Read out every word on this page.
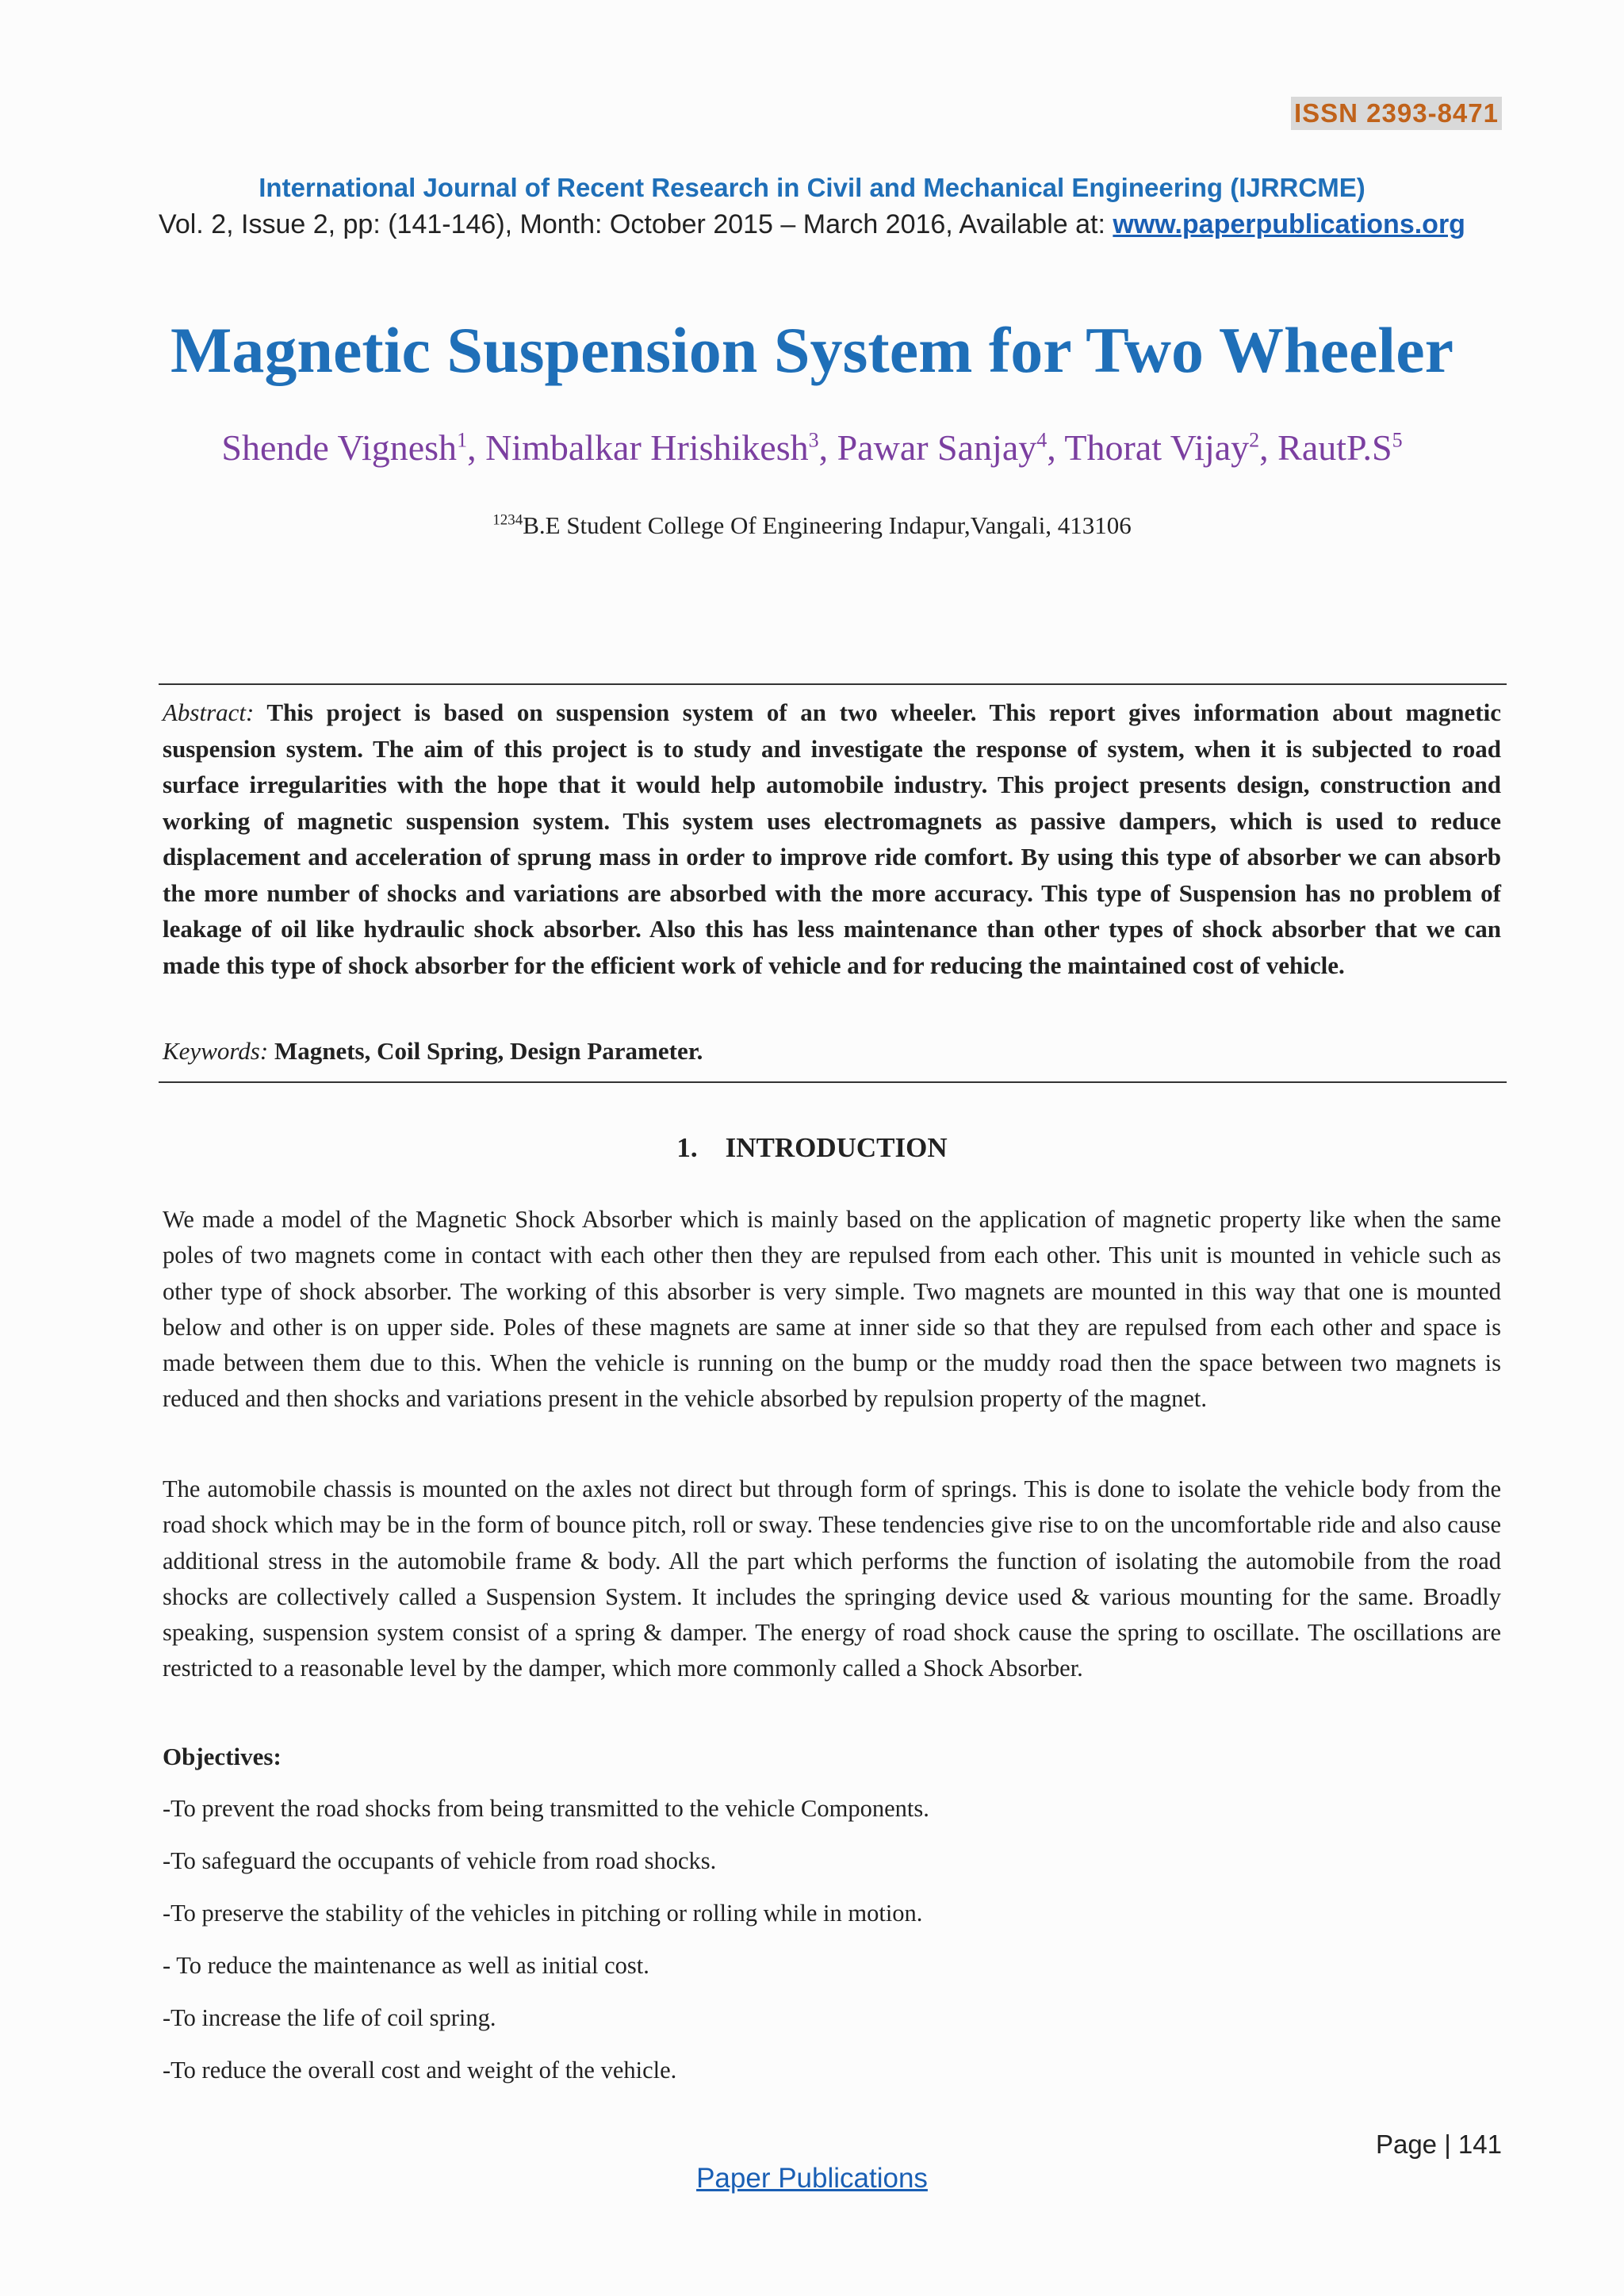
ISSN 2393-8471
International Journal of Recent Research in Civil and Mechanical Engineering (IJRRCME)
Vol. 2, Issue 2, pp: (141-146), Month: October 2015 – March 2016, Available at: www.paperpublications.org
Magnetic Suspension System for Two Wheeler
Shende Vignesh$^1$, Nimbalkar Hrishikesh$^3$, Pawar Sanjay$^4$, Thorat Vijay$^2$, $RautP.S^5$
$^{1234}$B.E Student College Of Engineering Indapur,Vangali, 413106
Abstract: This project is based on suspension system of an two wheeler. This report gives information about magnetic suspension system. The aim of this project is to study and investigate the response of system, when it is subjected to road surface irregularities with the hope that it would help automobile industry. This project presents design, construction and working of magnetic suspension system. This system uses electromagnets as passive dampers, which is used to reduce displacement and acceleration of sprung mass in order to improve ride comfort. By using this type of absorber we can absorb the more number of shocks and variations are absorbed with the more accuracy. This type of Suspension has no problem of leakage of oil like hydraulic shock absorber. Also this has less maintenance than other types of shock absorber that we can made this type of shock absorber for the efficient work of vehicle and for reducing the maintained cost of vehicle.
Keywords: Magnets, Coil Spring, Design Parameter.
1. INTRODUCTION

We made a model of the Magnetic Shock Absorber which is mainly based on the application of magnetic property like when the same poles of two magnets come in contact with each other then they are repulsed from each other. This unit is mounted in vehicle such as other type of shock absorber. The working of this absorber is very simple. Two magnets are mounted in this way that one is mounted below and other is on upper side. Poles of these magnets are same at inner side so that they are repulsed from each other and space is made between them due to this. When the vehicle is running on the bump or the muddy road then the space between two magnets is reduced and then shocks and variations present in the vehicle absorbed by repulsion property of the magnet.

The automobile chassis is mounted on the axles not direct but through form of springs. This is done to isolate the vehicle body from the road shock which may be in the form of bounce pitch, roll or sway. These tendencies give rise to on the uncomfortable ride and also cause additional stress in the automobile frame & body. All the part which performs the function of isolating the automobile from the road shocks are collectively called a Suspension System. It includes the springing device used & various mounting for the same. Broadly speaking, suspension system consist of a spring & damper. The energy of road shock cause the spring to oscillate. The oscillations are restricted to a reasonable level by the damper, which more commonly called a Shock Absorber.

Objectives:
-To prevent the road shocks from being transmitted to the vehicle Components.
-To safeguard the occupants of vehicle from road shocks.
-To preserve the stability of the vehicles in pitching or rolling while in motion.
- To reduce the maintenance as well as initial cost.
-To increase the life of coil spring.
-To reduce the overall cost and weight of the vehicle.
Page | 141
Paper Publications
